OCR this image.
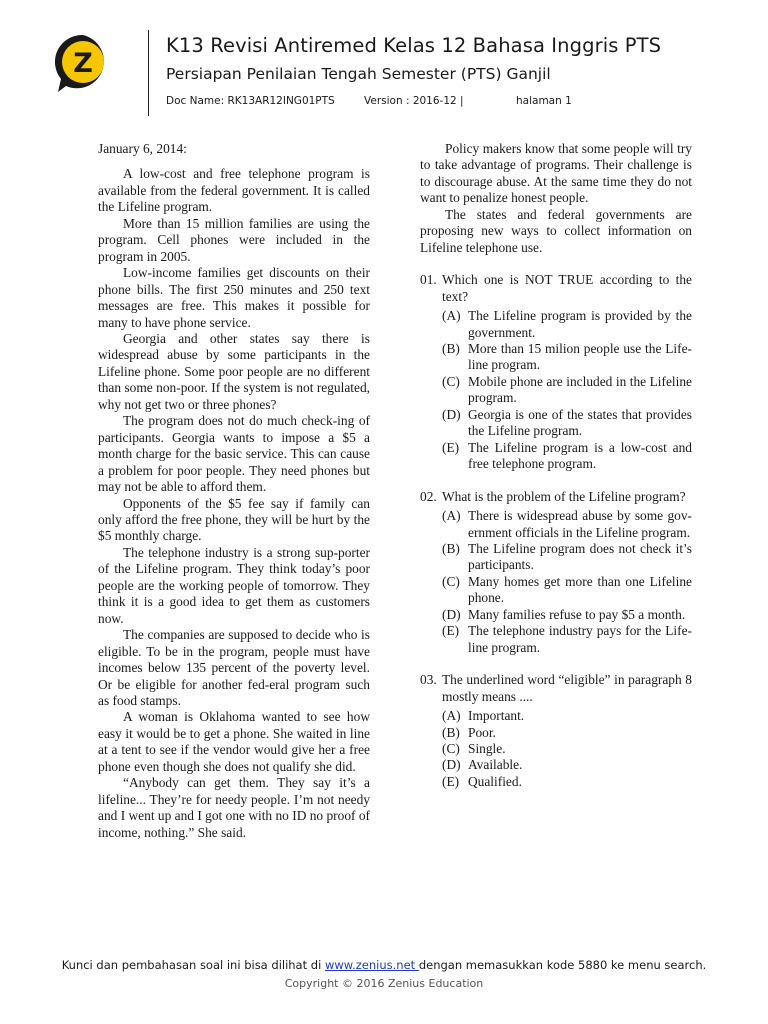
Z
K13 Revisi Antiremed Kelas 12 Bahasa Inggris PTS
Persiapan Penilaian Tengah Semester (PTS) Ganjil
Doc Name: RK13AR12ING01PTS	Version : 2016-12 |	halaman 1

January 6, 2014:

A low-cost and free telephone program is available from the federal government. It is called the Lifeline program.

More than 15 million families are using the program. Cell phones were included in the program in 2005.

Low-income families get discounts on their phone bills. The first 250 minutes and 250 text messages are free. This makes it possible for many to have phone service.

Georgia and other states say there is widespread abuse by some participants in the Lifeline phone. Some poor people are no different than some non-poor. If the system is not regulated, why not get two or three phones?

The program does not do much check-ing of participants. Georgia wants to impose a $5 a month charge for the basic service. This can cause a problem for poor people. They need phones but may not be able to afford them.

Opponents of the $5 fee say if family can only afford the free phone, they will be hurt by the $5 monthly charge.

The telephone industry is a strong sup-porter of the Lifeline program. They think today’s poor people are the working people of tomorrow. They think it is a good idea to get them as customers now.

The companies are supposed to decide who is eligible. To be in the program, people must have incomes below 135 percent of the poverty level. Or be eligible for another fed-eral program such as food stamps.

A woman is Oklahoma wanted to see how easy it would be to get a phone. She waited in line at a tent to see if the vendor would give her a free phone even though she does not qualify she did.

“Anybody can get them. They say it’s a lifeline... They’re for needy people. I’m not needy and I went up and I got one with no ID no proof of income, nothing.” She said.

Policy makers know that some people will try to take advantage of programs. Their challenge is to discourage abuse. At the same time they do not want to penalize honest people.

The states and federal governments are proposing new ways to collect information on Lifeline telephone use.

01. Which one is NOT TRUE according to the text?
(A) The Lifeline program is provided by the government.
(B) More than 15 milion people use the Life-line program.
(C) Mobile phone are included in the Lifeline program.
(D) Georgia is one of the states that provides the Lifeline program.
(E) The Lifeline program is a low-cost and free telephone program.
02. What is the problem of the Lifeline program?
(A) There is widespread abuse by some gov-ernment officials in the Lifeline program.
(B) The Lifeline program does not check it’s participants.
(C) Many homes get more than one Lifeline phone.
(D) Many families refuse to pay $5 a month.
(E) The telephone industry pays for the Life-line program.
03. The underlined word “eligible” in paragraph 8 mostly means ....
(A) Important.
(B) Poor.
(C) Single.
(D) Available.
(E) Qualified.
Kunci dan pembahasan soal ini bisa dilihat di www.zenius.net dengan memasukkan kode 5880 ke menu search.
Copyright © 2016 Zenius Education
